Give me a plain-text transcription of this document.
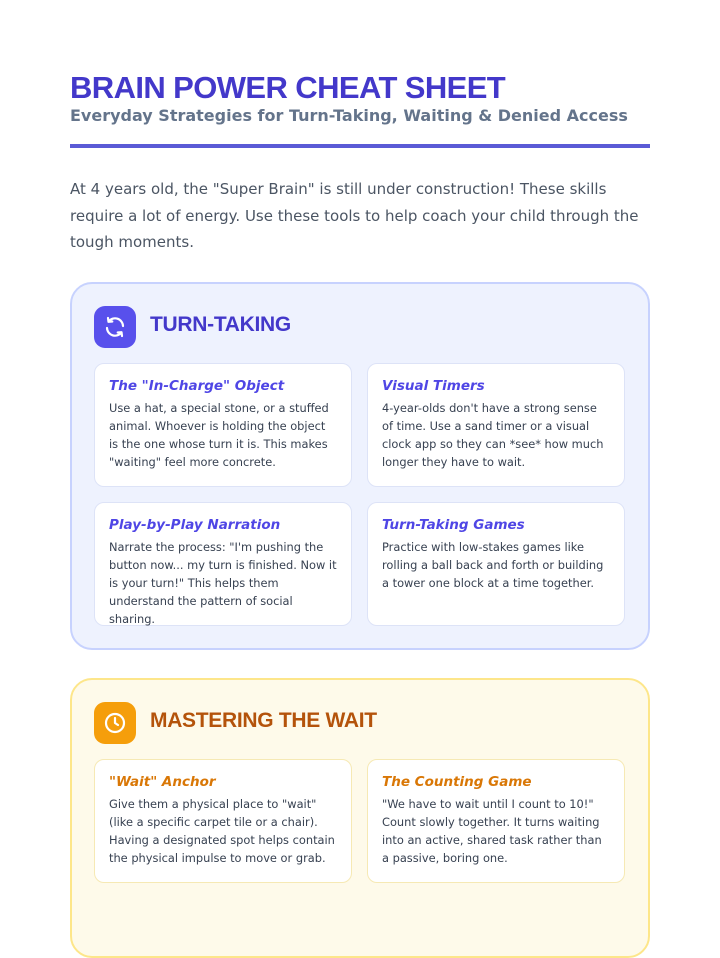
BRAIN POWER CHEAT SHEET
Everyday Strategies for Turn-Taking, Waiting & Denied Access

At 4 years old, the "Super Brain" is still under construction! These skills require a lot of energy. Use these tools to help coach your child through the tough moments.

TURN-TAKING
The "In-Charge" Object
Use a hat, a special stone, or a stuffed animal. Whoever is holding the object is the one whose turn it is. This makes "waiting" feel more concrete.
Visual Timers
4-year-olds don't have a strong sense of time. Use a sand timer or a visual clock app so they can *see* how much longer they have to wait.
Play-by-Play Narration
Narrate the process: "I'm pushing the button now... my turn is finished. Now it is your turn!" This helps them understand the pattern of social sharing.
Turn-Taking Games
Practice with low-stakes games like rolling a ball back and forth or building a tower one block at a time together.
MASTERING THE WAIT
"Wait" Anchor
Give them a physical place to "wait" (like a specific carpet tile or a chair). Having a designated spot helps contain the physical impulse to move or grab.
The Counting Game
"We have to wait until I count to 10!" Count slowly together. It turns waiting into an active, shared task rather than a passive, boring one.
